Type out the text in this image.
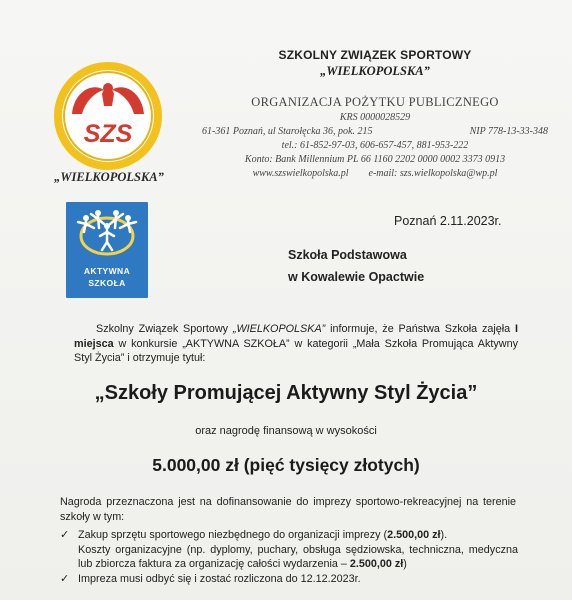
SZS
„WIELKOPOLSKA”
SZKOLNY ZWIĄZEK SPORTOWY
„WIELKOPOLSKA”
ORGANIZACJA POŻYTKU PUBLICZNEGO
KRS 0000028529
61-361 Poznań, ul Starołęcka 36, pok. 215	NIP 778-13-33-348
tel.: 61-852-97-03, 606-657-457, 881-953-222
Konto: Bank Millennium PL 66 1160 2202 0000 0002 3373 0913
www.szswielkopolska.pl e-mail: szs.wielkopolska@wp.pl
AKTYWNA
SZKOŁA
Poznań 2.11.2023r.
Szkoła Podstawowa
w Kowalewie Opactwie
Szkolny Związek Sportowy „WIELKOPOLSKA” informuje, że Państwa Szkoła zajęła I miejsca w konkursie „AKTYWNA SZKOŁA” w kategorii „Mała Szkoła Promująca Aktywny Styl Życia” i otrzymuje tytuł:
„Szkoły Promującej Aktywny Styl Życia”
oraz nagrodę finansową w wysokości
5.000,00 zł (pięć tysięcy złotych)
Nagroda przeznaczona jest na dofinansowanie do imprezy sportowo-rekreacyjnej na terenie szkoły w tym:
✓ Zakup sprzętu sportowego niezbędnego do organizacji imprezy (2.500,00 zł).
Koszty organizacyjne (np. dyplomy, puchary, obsługa sędziowska, techniczna, medyczna lub zbiorcza faktura za organizację całości wydarzenia – 2.500,00 zł)
✓ Impreza musi odbyć się i zostać rozliczona do 12.12.2023r.
